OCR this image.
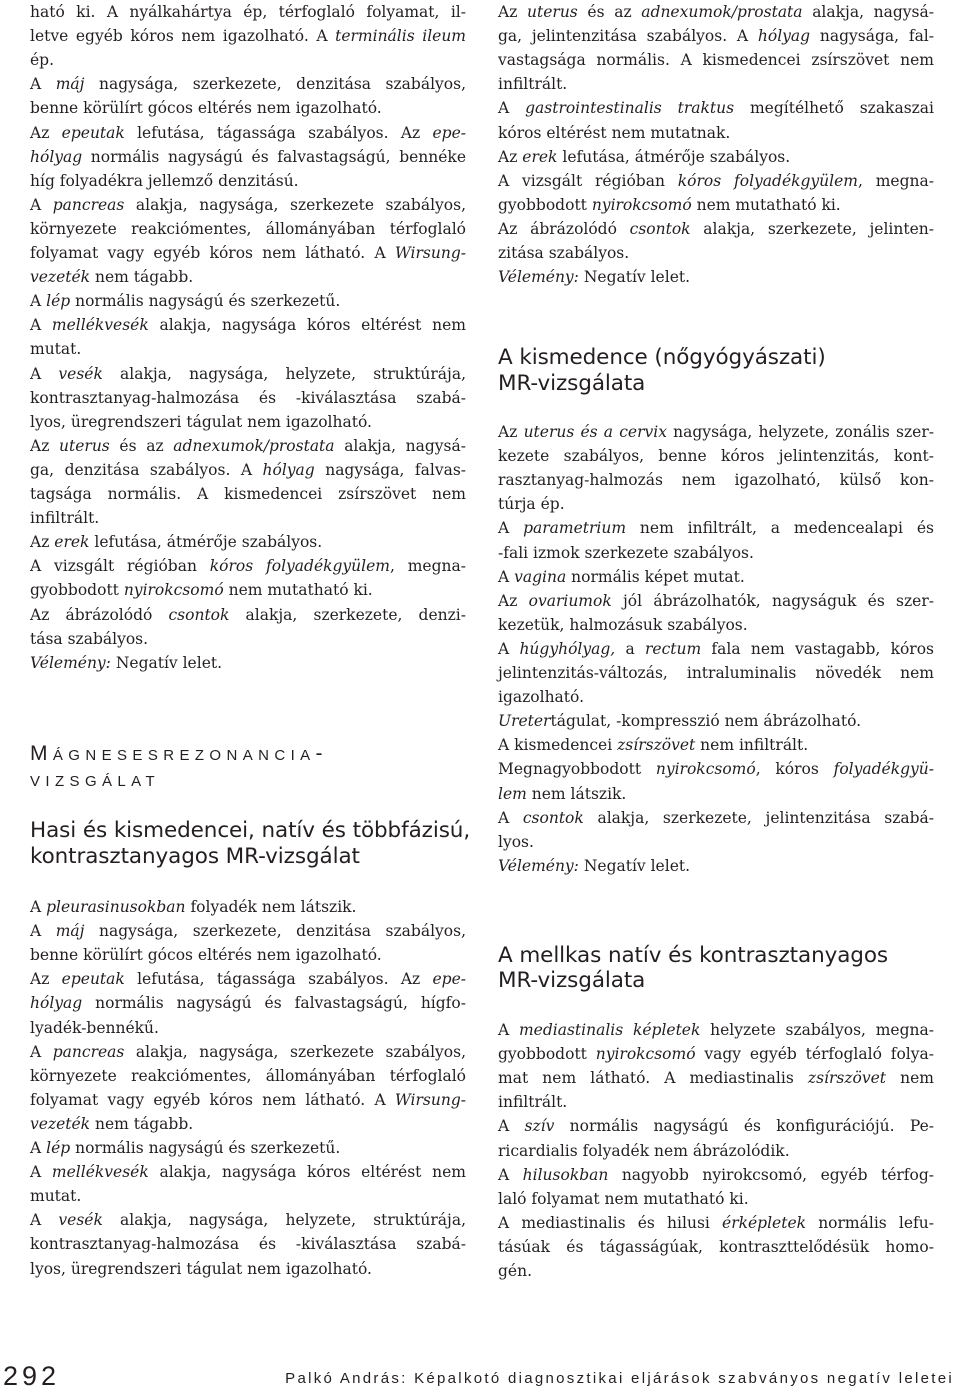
ható ki. A nyálkahártya ép, térfoglaló folyamat, il-
letve egyéb kóros nem igazolható. A terminális ileum
ép.
A máj nagysága, szerkezete, denzitása szabályos,
benne körülírt gócos eltérés nem igazolható.
Az epeutak lefutása, tágassága szabályos. Az epe-
hólyag normális nagyságú és falvastagságú, bennéke
híg folyadékra jellemző denzitású.
A pancreas alakja, nagysága, szerkezete szabályos,
környezete reakciómentes, állományában térfoglaló
folyamat vagy egyéb kóros nem látható. A Wirsung-
vezeték nem tágabb.
A lép normális nagyságú és szerkezetű.
A mellékvesék alakja, nagysága kóros eltérést nem
mutat.
A vesék alakja, nagysága, helyzete, struktúrája,
kontrasztanyag-halmozása és -kiválasztása szabá-
lyos, üregrendszeri tágulat nem igazolható.
Az uterus és az adnexumok/prostata alakja, nagysá-
ga, denzitása szabályos. A hólyag nagysága, falvas-
tagsága normális. A kismedencei zsírszövet nem
infiltrált.
Az erek lefutása, átmérője szabályos.
A vizsgált régióban kóros folyadékgyülem, megna-
gyobbodott nyirokcsomó nem mutatható ki.
Az ábrázolódó csontok alakja, szerkezete, denzi-
tása szabályos.
Vélemény: Negatív lelet.
Mágnesesrezonancia-
vizsgálat
Hasi és kismedencei, natív és többfázisú,
kontrasztanyagos MR-vizsgálat
A pleurasinusokban folyadék nem látszik.
A máj nagysága, szerkezete, denzitása szabályos,
benne körülírt gócos eltérés nem igazolható.
Az epeutak lefutása, tágassága szabályos. Az epe-
hólyag normális nagyságú és falvastagságú, hígfo-
lyadék-bennékű.
A pancreas alakja, nagysága, szerkezete szabályos,
környezete reakciómentes, állományában térfoglaló
folyamat vagy egyéb kóros nem látható. A Wirsung-
vezeték nem tágabb.
A lép normális nagyságú és szerkezetű.
A mellékvesék alakja, nagysága kóros eltérést nem
mutat.
A vesék alakja, nagysága, helyzete, struktúrája,
kontrasztanyag-halmozása és -kiválasztása szabá-
lyos, üregrendszeri tágulat nem igazolható.
Az uterus és az adnexumok/prostata alakja, nagysá-
ga, jelintenzitása szabályos. A hólyag nagysága, fal-
vastagsága normális. A kismedencei zsírszövet nem
infiltrált.
A gastrointestinalis traktus megítélhető szakaszai
kóros eltérést nem mutatnak.
Az erek lefutása, átmérője szabályos.
A vizsgált régióban kóros folyadékgyülem, megna-
gyobbodott nyirokcsomó nem mutatható ki.
Az ábrázolódó csontok alakja, szerkezete, jelinten-
zitása szabályos.
Vélemény: Negatív lelet.
A kismedence (nőgyógyászati)
MR-vizsgálata
Az uterus és a cervix nagysága, helyzete, zonális szer-
kezete szabályos, benne kóros jelintenzitás, kont-
rasztanyag-halmozás nem igazolható, külső kon-
túrja ép.
A parametrium nem infiltrált, a medencealapi és
-fali izmok szerkezete szabályos.
A vagina normális képet mutat.
Az ovariumok jól ábrázolhatók, nagyságuk és szer-
kezetük, halmozásuk szabályos.
A húgyhólyag, a rectum fala nem vastagabb, kóros
jelintenzitás-változás, intraluminalis növedék nem
igazolható.
Uretertágulat, -kompresszió nem ábrázolható.
A kismedencei zsírszövet nem infiltrált.
Megnagyobbodott nyirokcsomó, kóros folyadékgyü-
lem nem látszik.
A csontok alakja, szerkezete, jelintenzitása szabá-
lyos.
Vélemény: Negatív lelet.
A mellkas natív és kontrasztanyagos
MR-vizsgálata
A mediastinalis képletek helyzete szabályos, megna-
gyobbodott nyirokcsomó vagy egyéb térfoglaló folya-
mat nem látható. A mediastinalis zsírszövet nem
infiltrált.
A szív normális nagyságú és konfigurációjú. Pe-
ricardialis folyadék nem ábrázolódik.
A hilusokban nagyobb nyirokcsomó, egyéb térfog-
laló folyamat nem mutatható ki.
A mediastinalis és hilusi érképletek normális lefu-
tásúak és tágasságúak, kontraszttelődésük homo-
gén.
292	Palkó András: Képalkotó diagnosztikai eljárások szabványos negatív leletei
